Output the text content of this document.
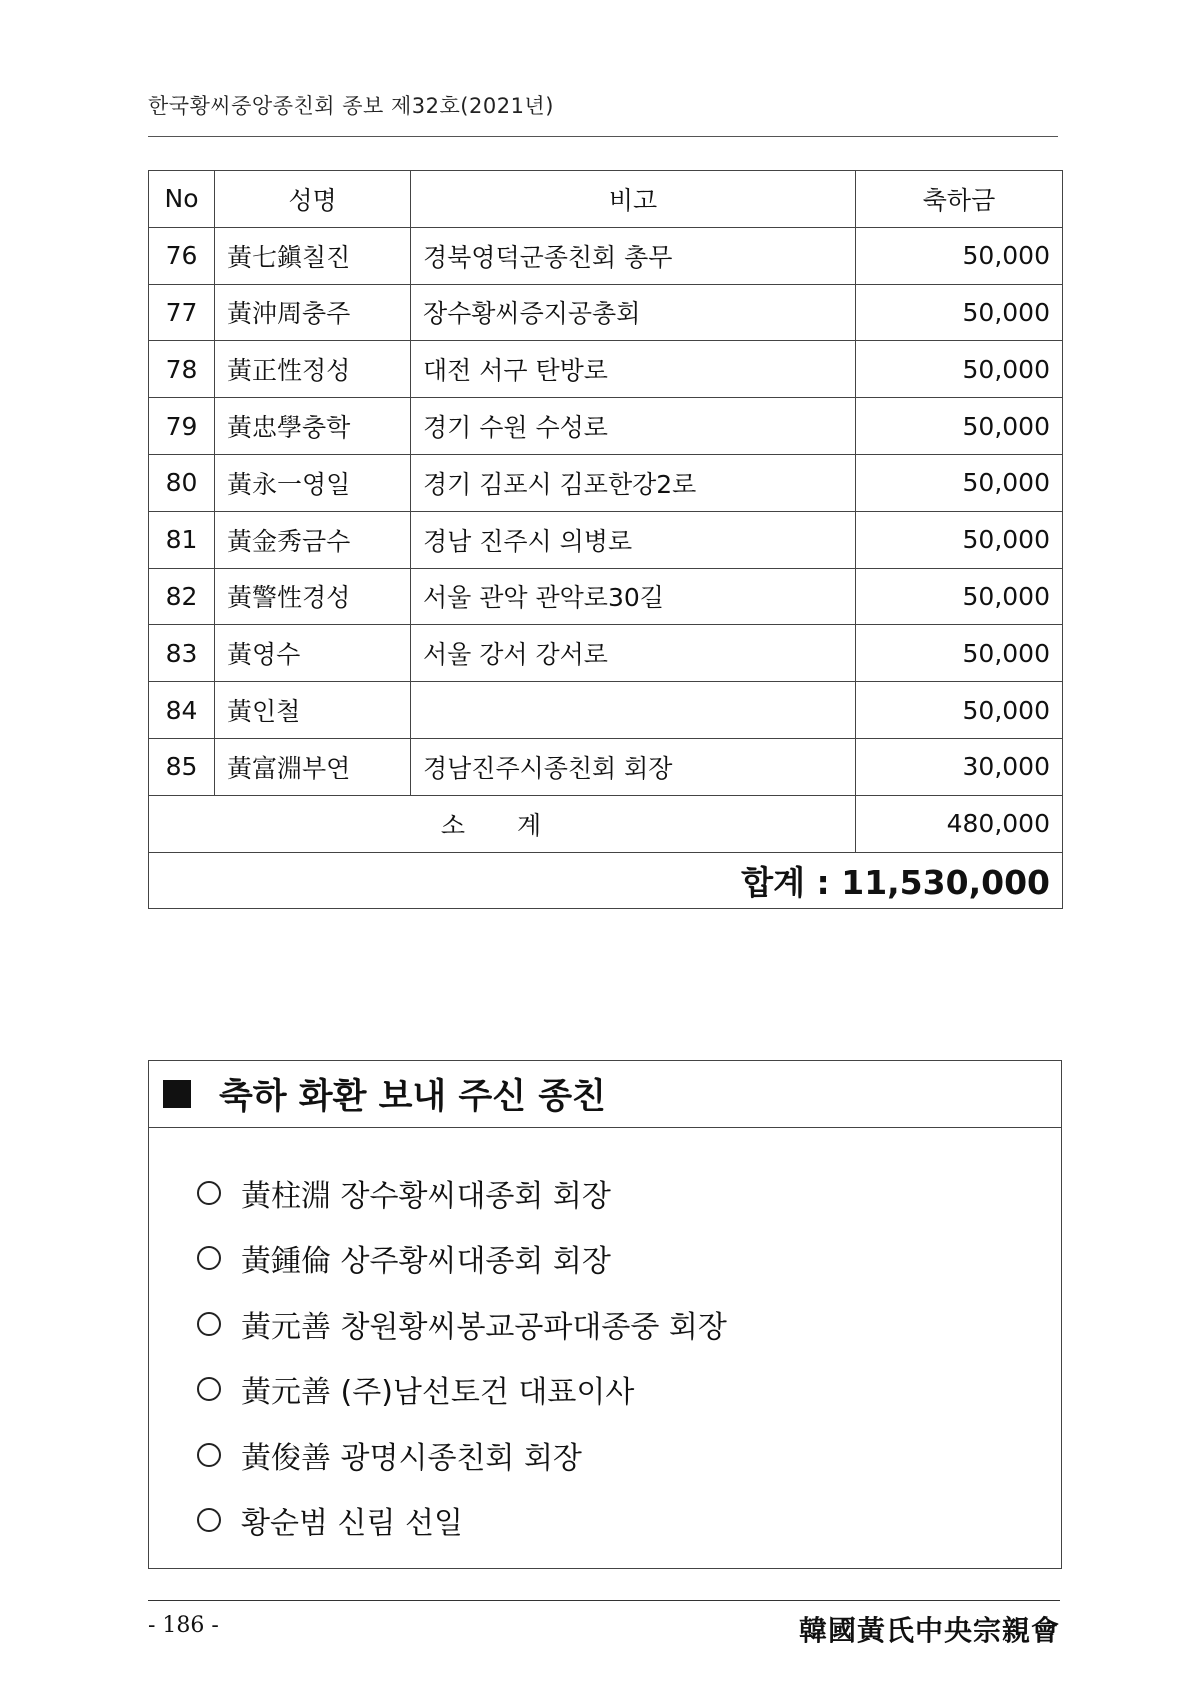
한국황씨중앙종친회 종보 제32호(2021년)
No	성명	비고	축하금
76	黃七鎭칠진	경북영덕군종친회 총무	50,000
77	黃沖周충주	장수황씨증지공총회	50,000
78	黃正性정성	대전 서구 탄방로	50,000
79	黃忠學충학	경기 수원 수성로	50,000
80	黃永一영일	경기 김포시 김포한강2로	50,000
81	黃金秀금수	경남 진주시 의병로	50,000
82	黃警性경성	서울 관악 관악로30길	50,000
83	黃영수	서울 강서 강서로	50,000
84	黃인철		50,000
85	黃富淵부연	경남진주시종친회 회장	30,000
소 계			480,000
합계 : 11,530,000			
축하 화환 보내 주신 종친
黃柱淵 장수황씨대종회 회장
黃鍾倫 상주황씨대종회 회장
黃元善 창원황씨봉교공파대종중 회장
黃元善 (주)남선토건 대표이사
黃俊善 광명시종친회 회장
황순범 신림 선일
- 186 -	韓國黃氏中央宗親會
